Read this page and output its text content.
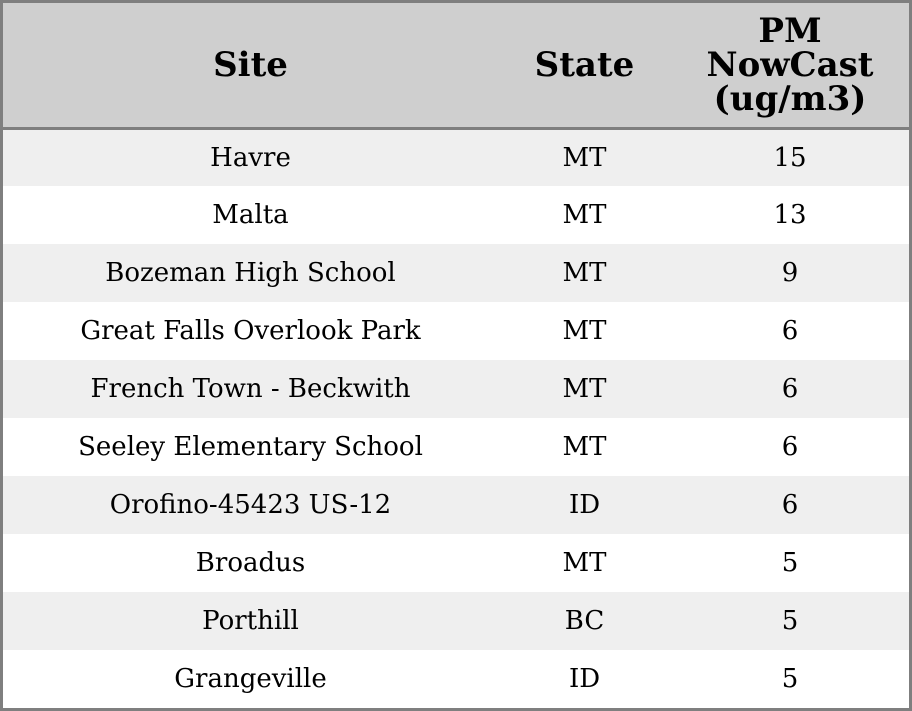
Site	State	PM
NowCast
(ug/m3)

Havre	MT	15
Malta	MT	13
Bozeman High School	MT	9
Great Falls Overlook Park	MT	6
French Town - Beckwith	MT	6
Seeley Elementary School	MT	6
Orofino-45423 US-12	ID	6
Broadus	MT	5
Porthill	BC	5
Grangeville	ID	5
